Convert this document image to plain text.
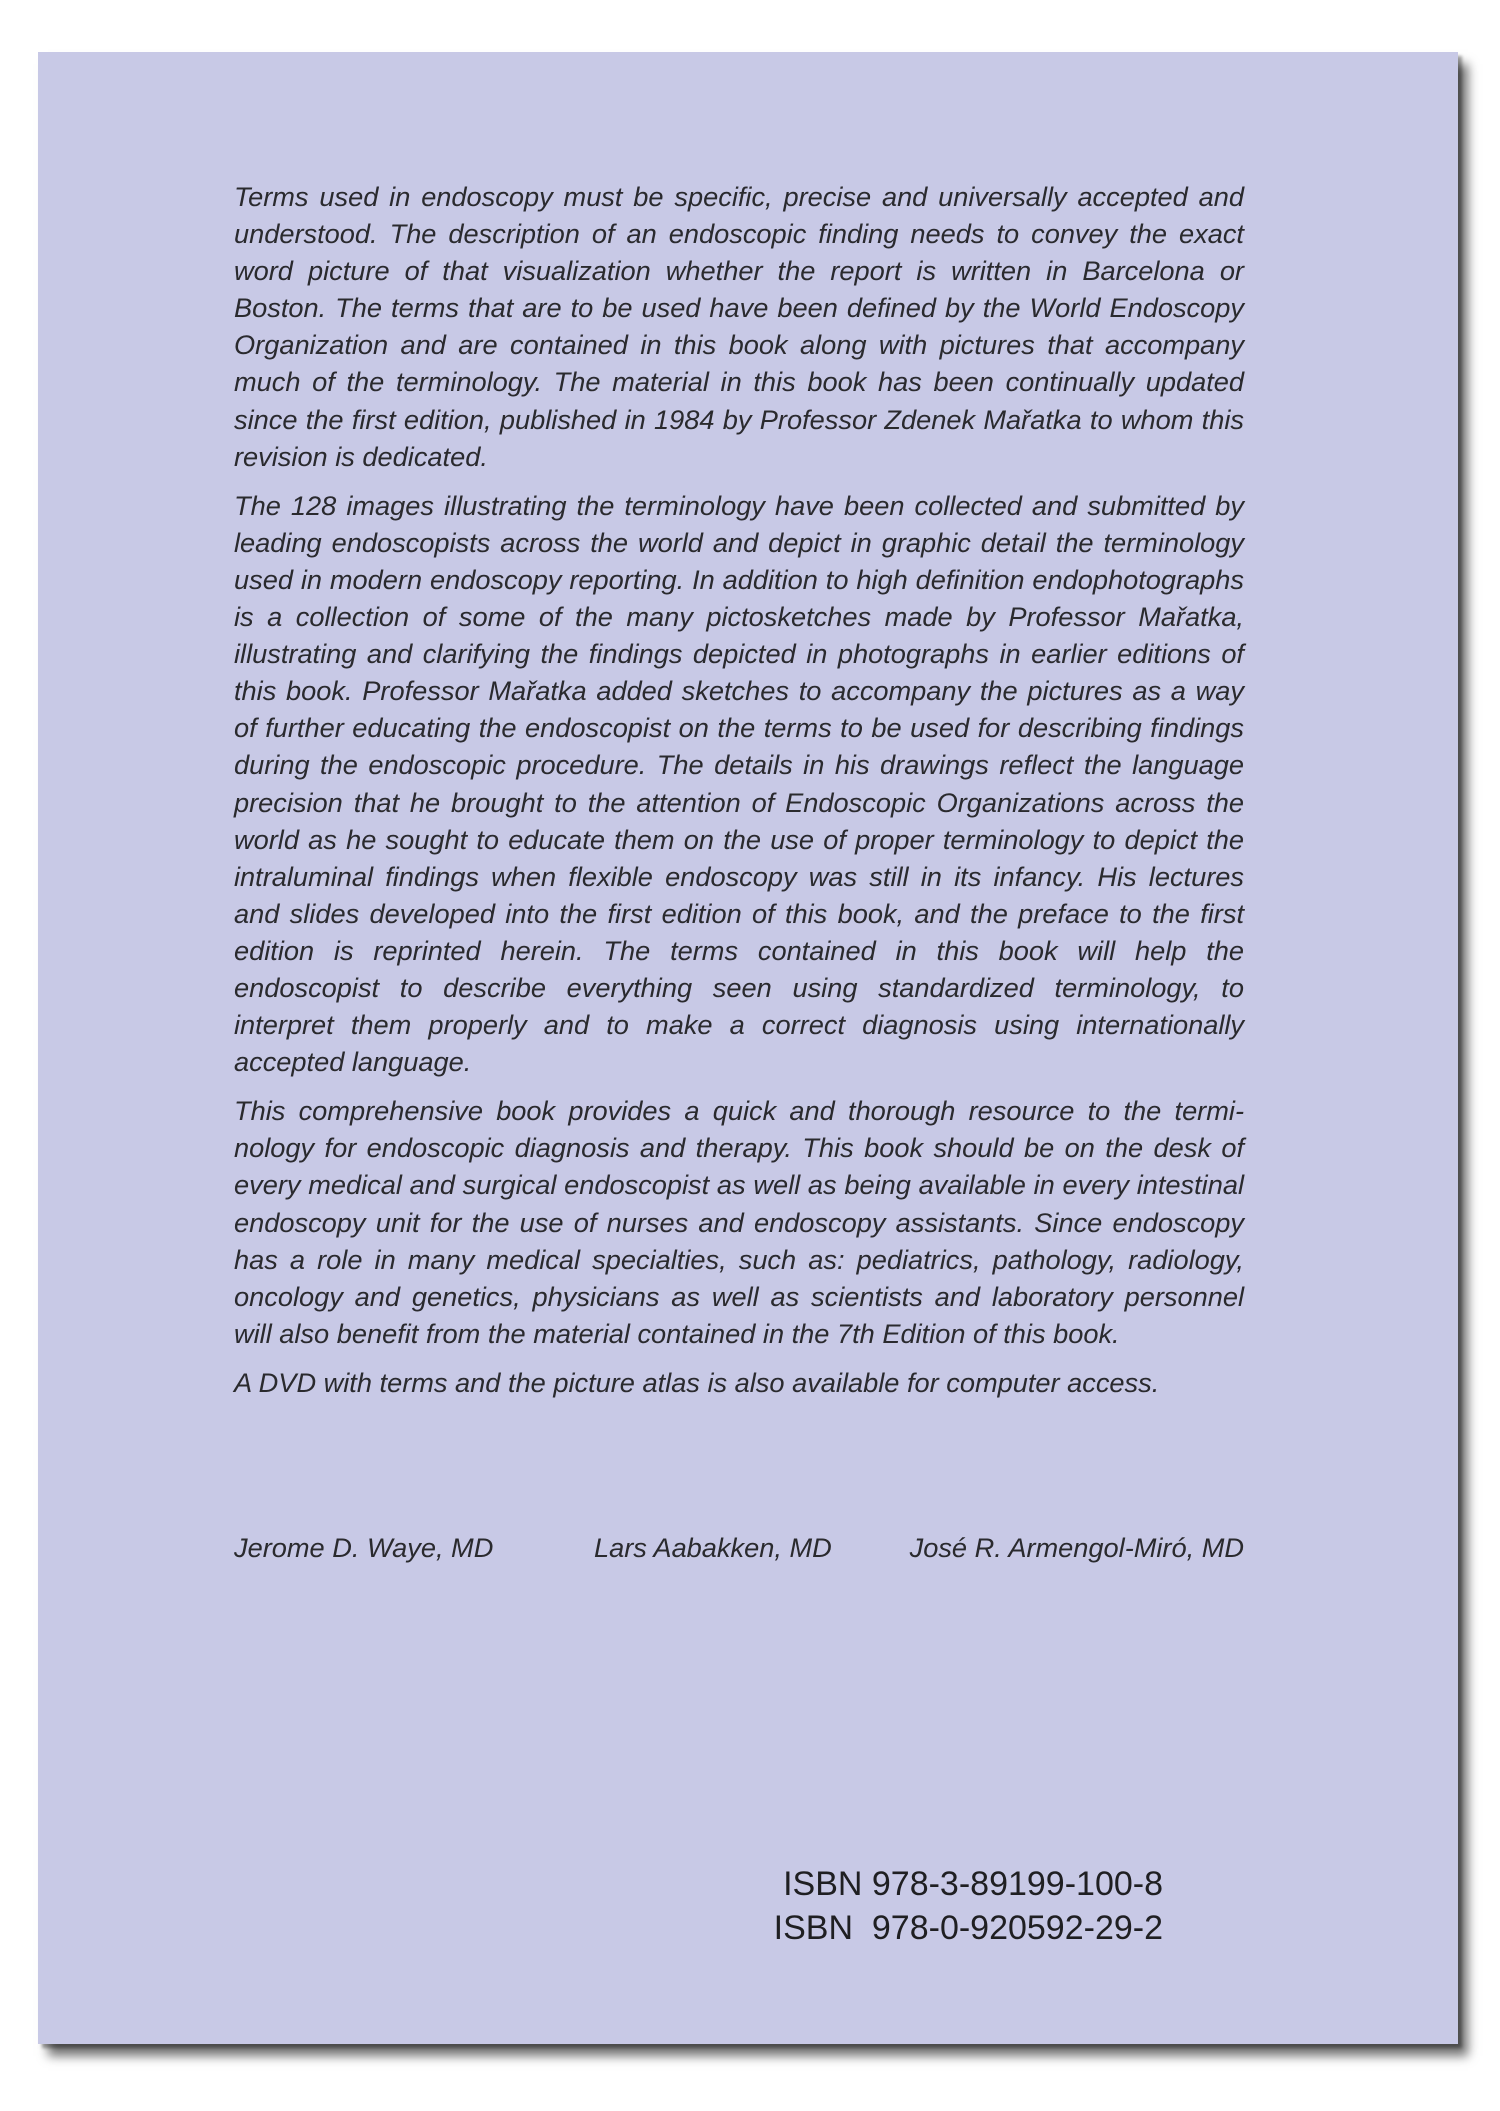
Terms used in endoscopy must be specific, precise and universally accepted and understood. The description of an endoscopic finding needs to convey the exact word picture of that visualization whether the report is written in Barcelona or Boston. The terms that are to be used have been defined by the World Endoscopy Organization and are contained in this book along with pictures that accompany much of the terminology. The material in this book has been continually updated since the first edition, published in 1984 by Professor Zdenek Mařatka to whom this revision is dedicated.

The 128 images illustrating the terminology have been collected and submitted by leading endoscopists across the world and depict in graphic detail the terminology used in modern endoscopy reporting. In addition to high definition endophotographs is a collection of some of the many pictosketches made by Professor Mařatka, illustrating and clarifying the findings depicted in photographs in earlier editions of this book. Professor Mařatka added sketches to accompany the pictures as a way of further educating the endoscopist on the terms to be used for describing findings during the endoscopic procedure. The details in his drawings reflect the language precision that he brought to the attention of Endoscopic Organizations across the world as he sought to educate them on the use of proper terminology to depict the intraluminal findings when flexible endoscopy was still in its infancy. His lectures and slides developed into the first edition of this book, and the preface to the first edition is reprinted herein. The terms contained in this book will help the endoscopist to describe everything seen using standardized terminology, to interpret them properly and to make a correct diagnosis using internationally accepted language.

This comprehensive book provides a quick and thorough resource to the terminology for endoscopic diagnosis and therapy. This book should be on the desk of every medical and surgical endoscopist as well as being available in every intestinal endoscopy unit for the use of nurses and endoscopy assistants. Since endoscopy has a role in many medical specialties, such as: pediatrics, pathology, radiology, oncology and genetics, physicians as well as scientists and laboratory personnel will also benefit from the material contained in the 7th Edition of this book.

A DVD with terms and the picture atlas is also available for computer access.

Jerome D. Waye, MD	Lars Aabakken, MD	José R. Armengol-Miró, MD
ISBN 978-3-89199-100-8
ISBN  978-0-920592-29-2
